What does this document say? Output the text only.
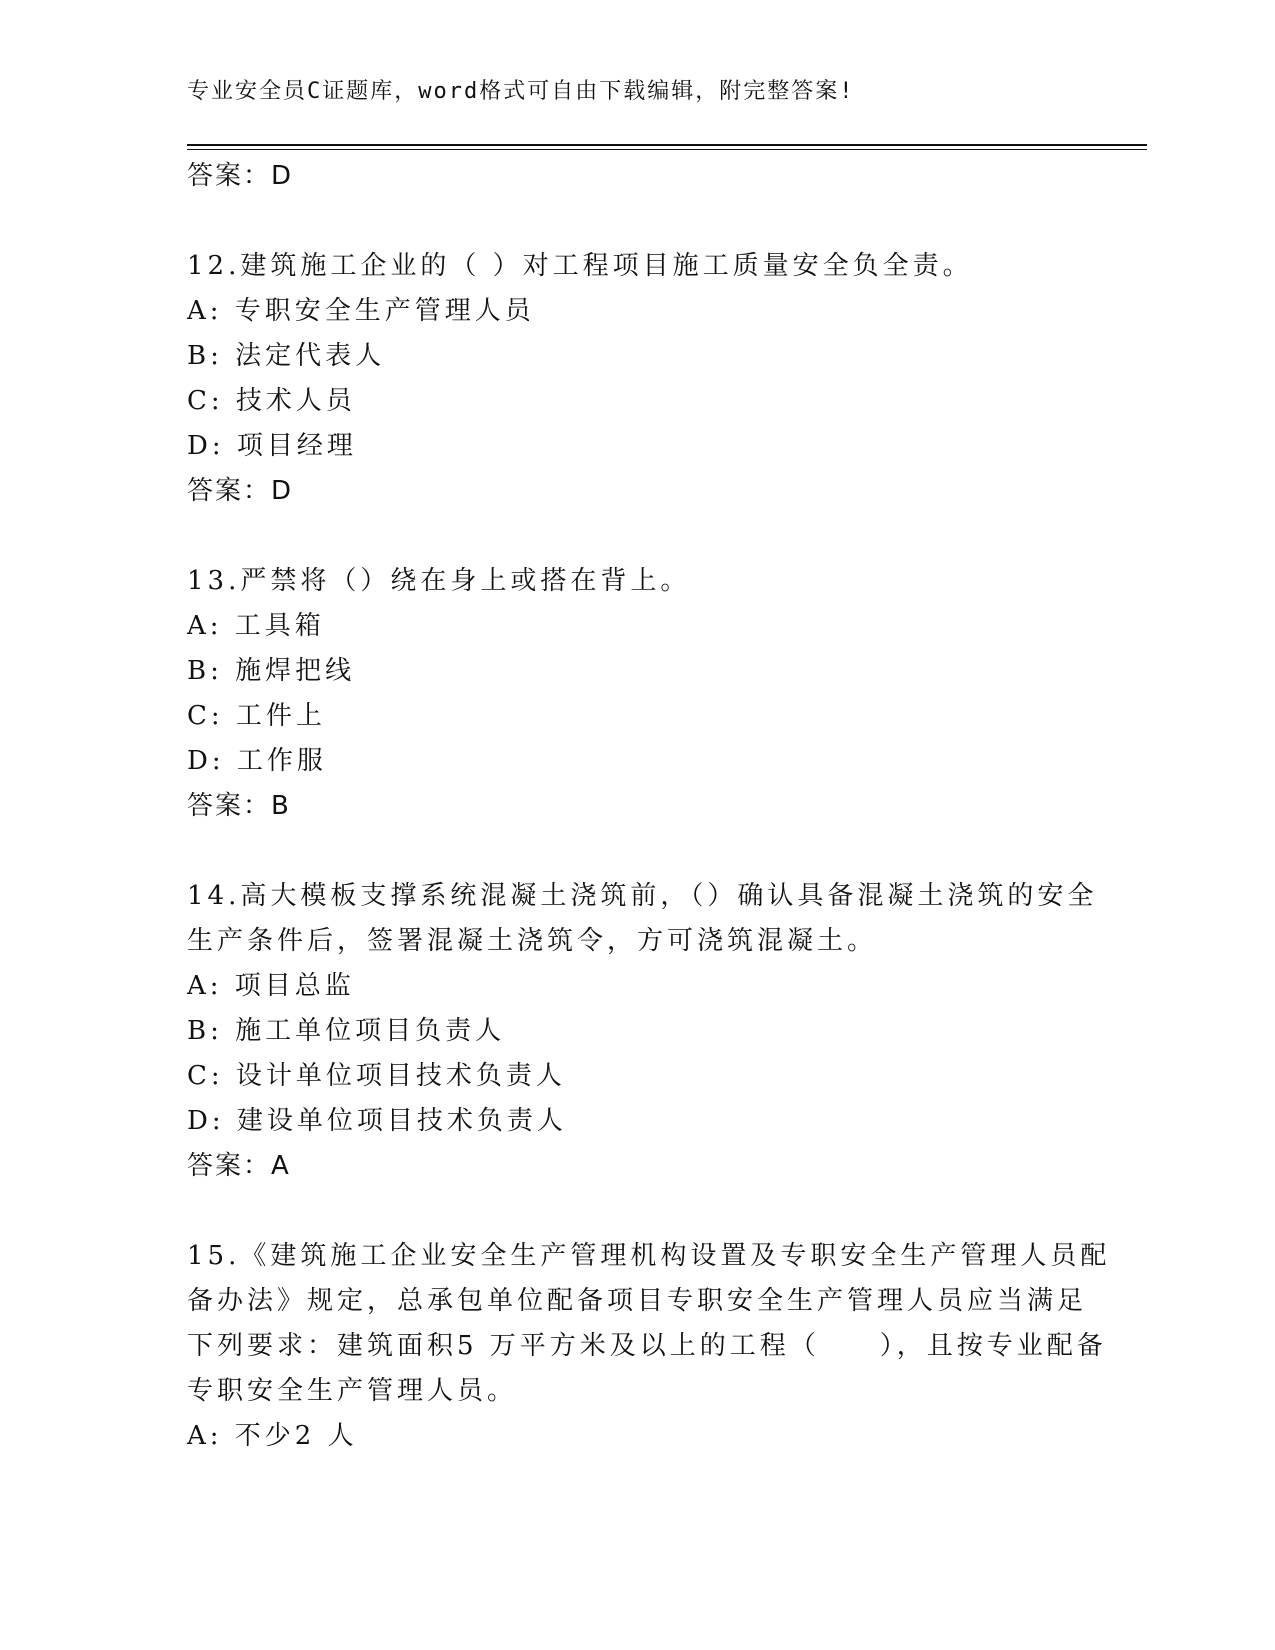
专业安全员C证题库，word格式可自由下载编辑，附完整答案!
答案：D
12.建筑施工企业的（ ）对工程项目施工质量安全负全责。
A: 专职安全生产管理人员
B: 法定代表人
C: 技术人员
D: 项目经理
答案：D
13.严禁将（）绕在身上或搭在背上。
A: 工具箱
B: 施焊把线
C: 工件上
D: 工作服
答案：B
14.高大模板支撑系统混凝土浇筑前，（）确认具备混凝土浇筑的安全
生产条件后，签署混凝土浇筑令，方可浇筑混凝土。
A: 项目总监
B: 施工单位项目负责人
C: 设计单位项目技术负责人
D: 建设单位项目技术负责人
答案：A
15.《建筑施工企业安全生产管理机构设置及专职安全生产管理人员配
备办法》规定，总承包单位配备项目专职安全生产管理人员应当满足
下列要求：建筑面积5 万平方米及以上的工程（　　），且按专业配备
专职安全生产管理人员。
A: 不少2 人
